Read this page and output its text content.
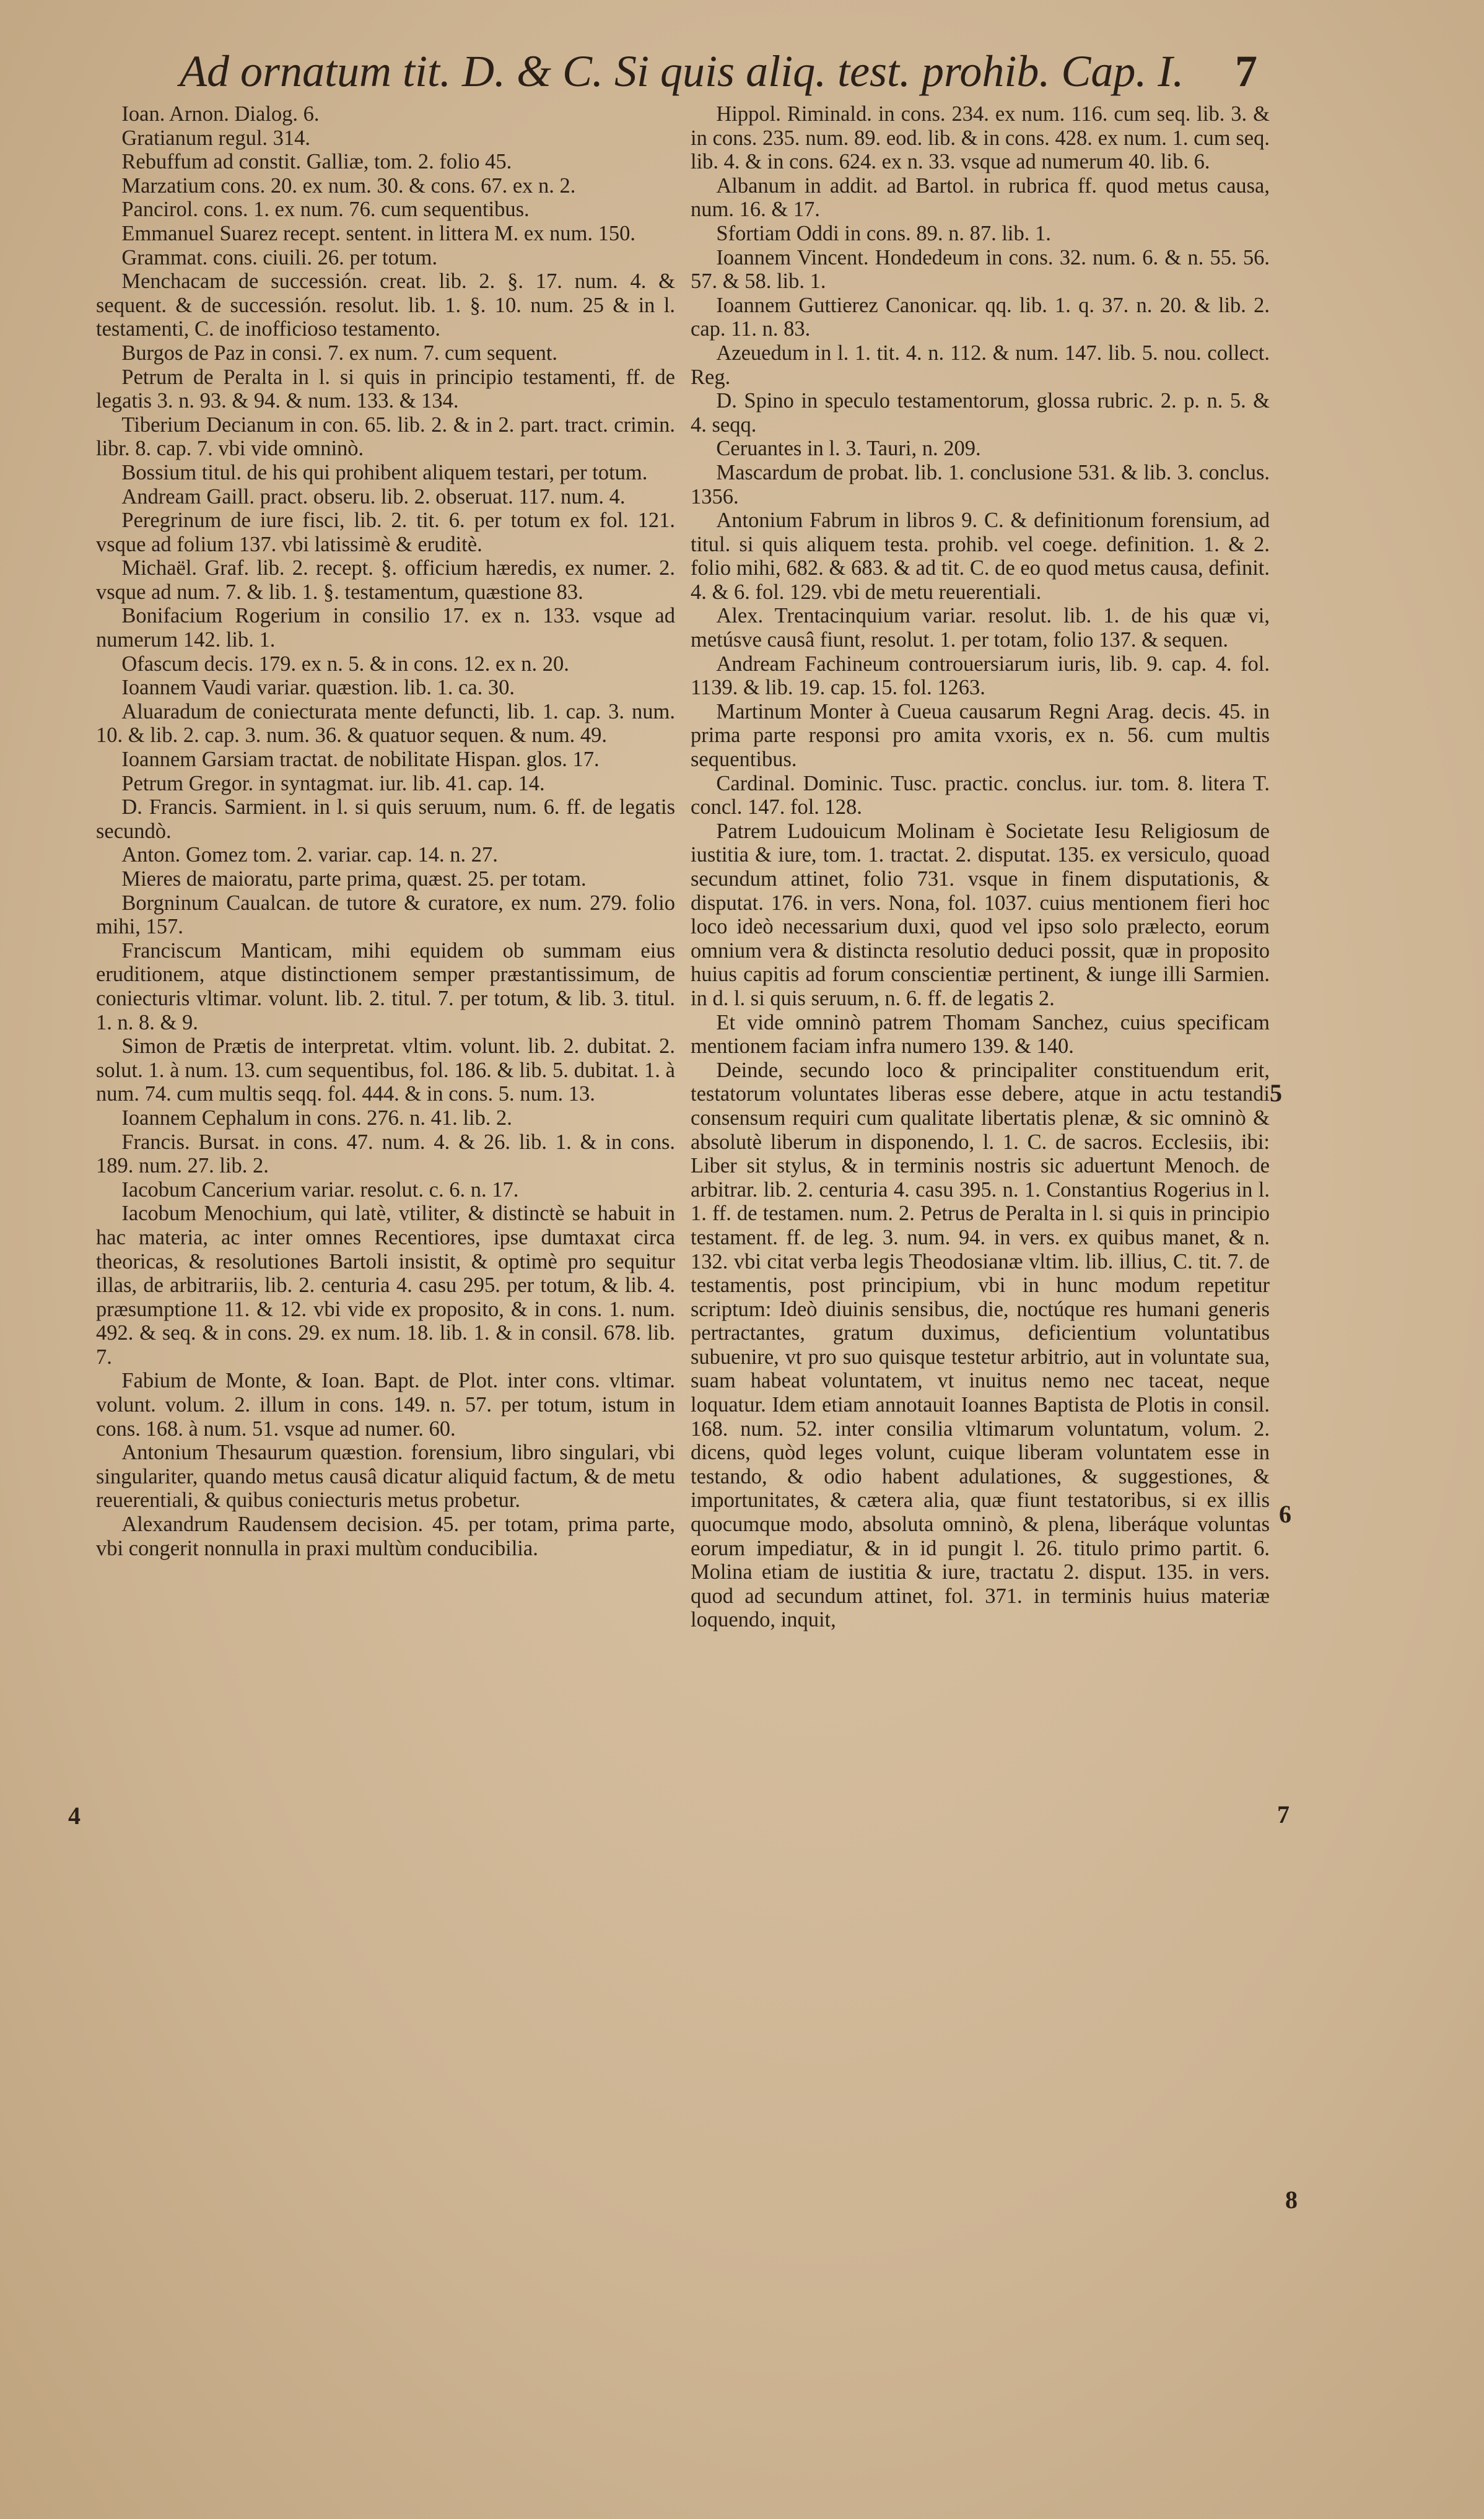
Ad ornatum tit. D. & C. Si quis aliq. test. prohib. Cap. I. 7

Ioan. Arnon. Dialog. 6.

Gratianum regul. 314.

Rebuffum ad constit. Galliæ, tom. 2. folio 45.

Marzatium cons. 20. ex num. 30. & cons. 67. ex n. 2.

Pancirol. cons. 1. ex num. 76. cum sequentibus.

Emmanuel Suarez recept. sentent. in littera M. ex num. 150.

Grammat. cons. ciuili. 26. per totum.

Menchacam de successión. creat. lib. 2. §. 17. num. 4. & sequent. & de successión. resolut. lib. 1. §. 10. num. 25 & in l. testamenti, C. de inofficioso testamento.

Burgos de Paz in consi. 7. ex num. 7. cum sequent.

Petrum de Peralta in l. si quis in principio testamenti, ff. de legatis 3. n. 93. & 94. & num. 133. & 134.

Tiberium Decianum in con. 65. lib. 2. & in 2. part. tract. crimin. libr. 8. cap. 7. vbi vide omninò.

Bossium titul. de his qui prohibent aliquem testari, per totum.

Andream Gaill. pract. obseru. lib. 2. obseruat. 117. num. 4.

Peregrinum de iure fisci, lib. 2. tit. 6. per totum ex fol. 121. vsque ad folium 137. vbi latissimè & eruditè.

Michaël. Graf. lib. 2. recept. §. officium hæredis, ex numer. 2. vsque ad num. 7. & lib. 1. §. testamentum, quæstione 83.

Bonifacium Rogerium in consilio 17. ex n. 133. vsque ad numerum 142. lib. 1.

Ofascum decis. 179. ex n. 5. & in cons. 12. ex n. 20.

Ioannem Vaudi variar. quæstion. lib. 1. ca. 30.

Aluaradum de coniecturata mente defuncti, lib. 1. cap. 3. num. 10. & lib. 2. cap. 3. num. 36. & quatuor sequen. & num. 49.

Ioannem Garsiam tractat. de nobilitate Hispan. glos. 17.

Petrum Gregor. in syntagmat. iur. lib. 41. cap. 14.

D. Francis. Sarmient. in l. si quis seruum, num. 6. ff. de legatis secundò.

Anton. Gomez tom. 2. variar. cap. 14. n. 27.

Mieres de maioratu, parte prima, quæst. 25. per totam.

Borgninum Caualcan. de tutore & curatore, ex num. 279. folio mihi, 157.

Franciscum Manticam, mihi equidem ob summam eius eruditionem, atque distinctionem semper præstantissimum, de coniecturis vltimar. volunt. lib. 2. titul. 7. per totum, & lib. 3. titul. 1. n. 8. & 9.

Simon de Prætis de interpretat. vltim. volunt. lib. 2. dubitat. 2. solut. 1. à num. 13. cum sequentibus, fol. 186. & lib. 5. dubitat. 1. à num. 74. cum multis seqq. fol. 444. & in cons. 5. num. 13.

Ioannem Cephalum in cons. 276. n. 41. lib. 2.

Francis. Bursat. in cons. 47. num. 4. & 26. lib. 1. & in cons. 189. num. 27. lib. 2.

Iacobum Cancerium variar. resolut. c. 6. n. 17.

Iacobum Menochium, qui latè, vtiliter, & distinctè se habuit in hac materia, ac inter omnes Recentiores, ipse dumtaxat circa theoricas, & resolutiones Bartoli insistit, & optimè pro sequitur illas, de arbitrariis, lib. 2. centuria 4. casu 295. per totum, & lib. 4. præsumptione 11. & 12. vbi vide ex proposito, & in cons. 1. num. 492. & seq. & in cons. 29. ex num. 18. lib. 1. & in consil. 678. lib. 7.

Fabium de Monte, & Ioan. Bapt. de Plot. inter cons. vltimar. volunt. volum. 2. illum in cons. 149. n. 57. per totum, istum in cons. 168. à num. 51. vsque ad numer. 60.

Antonium Thesaurum quæstion. forensium, libro singulari, vbi singulariter, quando metus causâ dicatur aliquid factum, & de metu reuerentiali, & quibus coniecturis metus probetur.

Alexandrum Raudensem decision. 45. per totam, prima parte, vbi congerit nonnulla in praxi multùm conducibilia.

Hippol. Riminald. in cons. 234. ex num. 116. cum seq. lib. 3. & in cons. 235. num. 89. eod. lib. & in cons. 428. ex num. 1. cum seq. lib. 4. & in cons. 624. ex n. 33. vsque ad numerum 40. lib. 6.

Albanum in addit. ad Bartol. in rubrica ff. quod metus causa, num. 16. & 17.

Sfortiam Oddi in cons. 89. n. 87. lib. 1.

Ioannem Vincent. Hondedeum in cons. 32. num. 6. & n. 55. 56. 57. & 58. lib. 1.

Ioannem Guttierez Canonicar. qq. lib. 1. q. 37. n. 20. & lib. 2. cap. 11. n. 83.

Azeuedum in l. 1. tit. 4. n. 112. & num. 147. lib. 5. nou. collect. Reg.

D. Spino in speculo testamentorum, glossa rubric. 2. p. n. 5. & 4. seqq.

Ceruantes in l. 3. Tauri, n. 209.

Mascardum de probat. lib. 1. conclusione 531. & lib. 3. conclus. 1356.

Antonium Fabrum in libros 9. C. & definitionum forensium, ad titul. si quis aliquem testa. prohib. vel coege. definition. 1. & 2. folio mihi, 682. & 683. & ad tit. C. de eo quod metus causa, definit. 4. & 6. fol. 129. vbi de metu reuerentiali.

Alex. Trentacinquium variar. resolut. lib. 1. de his quæ vi, metúsve causâ fiunt, resolut. 1. per totam, folio 137. & sequen.

Andream Fachineum controuersiarum iuris, lib. 9. cap. 4. fol. 1139. & lib. 19. cap. 15. fol. 1263.

Martinum Monter à Cueua causarum Regni Arag. decis. 45. in prima parte responsi pro amita vxoris, ex n. 56. cum multis sequentibus.

Cardinal. Dominic. Tusc. practic. conclus. iur. tom. 8. litera T. concl. 147. fol. 128.

Patrem Ludouicum Molinam è Societate Iesu Religiosum de iustitia & iure, tom. 1. tractat. 2. disputat. 135. ex versiculo, quoad secundum attinet, folio 731. vsque in finem disputationis, & disputat. 176. in vers. Nona, fol. 1037. cuius mentionem fieri hoc loco ideò necessarium duxi, quod vel ipso solo prælecto, eorum omnium vera & distincta resolutio deduci possit, quæ in proposito huius capitis ad forum conscientiæ pertinent, & iunge illi Sarmien. in d. l. si quis seruum, n. 6. ff. de legatis 2.

Et vide omninò patrem Thomam Sanchez, cuius specificam mentionem faciam infra numero 139. & 140.

Deinde, secundo loco & principaliter constituendum erit, testatorum voluntates liberas esse debere, atque in actu testandi consensum requiri cum qualitate libertatis plenæ, & sic omninò & absolutè liberum in disponendo, l. 1. C. de sacros. Ecclesiis, ibi: Liber sit stylus, & in terminis nostris sic aduertunt Menoch. de arbitrar. lib. 2. centuria 4. casu 395. n. 1. Constantius Rogerius in l. 1. ff. de testamen. num. 2. Petrus de Peralta in l. si quis in principio testament. ff. de leg. 3. num. 94. in vers. ex quibus manet, & n. 132. vbi citat verba legis Theodosianæ vltim. lib. illius, C. tit. 7. de testamentis, post principium, vbi in hunc modum repetitur scriptum: Ideò diuinis sensibus, die, noctúque res humani generis pertractantes, gratum duximus, deficientium voluntatibus subuenire, vt pro suo quisque testetur arbitrio, aut in voluntate sua, suam habeat voluntatem, vt inuitus nemo nec taceat, neque loquatur. Idem etiam annotauit Ioannes Baptista de Plotis in consil. 168. num. 52. inter consilia vltimarum voluntatum, volum. 2. dicens, quòd leges volunt, cuique liberam voluntatem esse in testando, & odio habent adulationes, & suggestiones, & importunitates, & cætera alia, quæ fiunt testatoribus, si ex illis quocumque modo, absoluta omninò, & plena, liberáque voluntas eorum impediatur, & in id pungit l. 26. titulo primo partit. 6. Molina etiam de iustitia & iure, tractatu 2. disput. 135. in vers. quod ad secundum attinet, fol. 371. in terminis huius materiæ loquendo, inquit,

4
5
6
7
8
